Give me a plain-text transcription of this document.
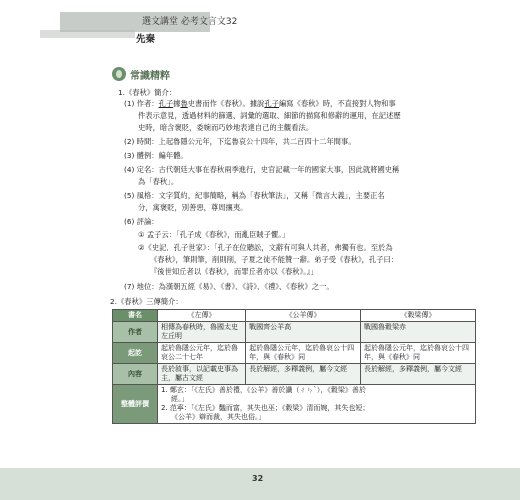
選文講堂 必考文言文32
先秦
常識精粹
1.《春秋》簡介：
(1) 作者：孔子據魯史書而作《春秋》。據說孔子編寫《春秋》時，不直接對人物和事
件表示意見，透過材料的篩選、詞彙的選取、細節的描寫和修辭的運用，在記述歷
史時，暗含褒貶，委婉而巧妙地表達自己的主觀看法。
(2) 時間：上起魯隱公元年，下迄魯哀公十四年，共二百四十二年間事。
(3) 體例：編年體。
(4) 定名：古代朝廷大事在春秋兩季進行，史官記載一年的國家大事，因此就將國史稱
為「春秋」。
(5) 風格：文字質約，紀事簡略，稱為「春秋筆法」，又稱「微言大義」，主要正名
分，寓褒貶，別善惡，尊周攘夷。
(6) 評論：
① 孟子云：「孔子成《春秋》，而亂臣賊子懼。」
②《史記．孔子世家》：「孔子在位聽訟，文辭有可與人共者，弗獨有也。至於為
《春秋》，筆則筆，削則削，子夏之徒不能贊一辭。弟子受《春秋》，孔子曰：
『後世知丘者以《春秋》，而罪丘者亦以《春秋》。』」
(7) 地位：為漢朝五經《易》、《書》、《詩》、《禮》、《春秋》之一。
2.《春秋》三傳簡介：
書名	《左傳》	《公羊傳》	《穀梁傳》
作者	相傳為春秋時，魯國太史左丘明	戰國齊公羊高	戰國魯穀梁赤
起訖	起於魯隱公元年，迄於魯哀公二十七年	起於魯隱公元年，迄於魯哀公十四年，與《春秋》同	起於魯隱公元年，迄於魯哀公十四年，與《春秋》同
內容	長於敘事，以記載史事為主，屬古文經	長於解經，多釋義例，屬今文經	長於解經，多釋義例，屬今文經
整體評價	1. 鄭玄：「《左氏》善於禮，《公羊》善於讖（ㄔㄣˋ），《穀梁》善於
經。」
2. 范寧：「《左氏》豔而富，其失也巫；《穀梁》清而婉，其失也短；
《公羊》辯而裁，其失也俗。」		
32
